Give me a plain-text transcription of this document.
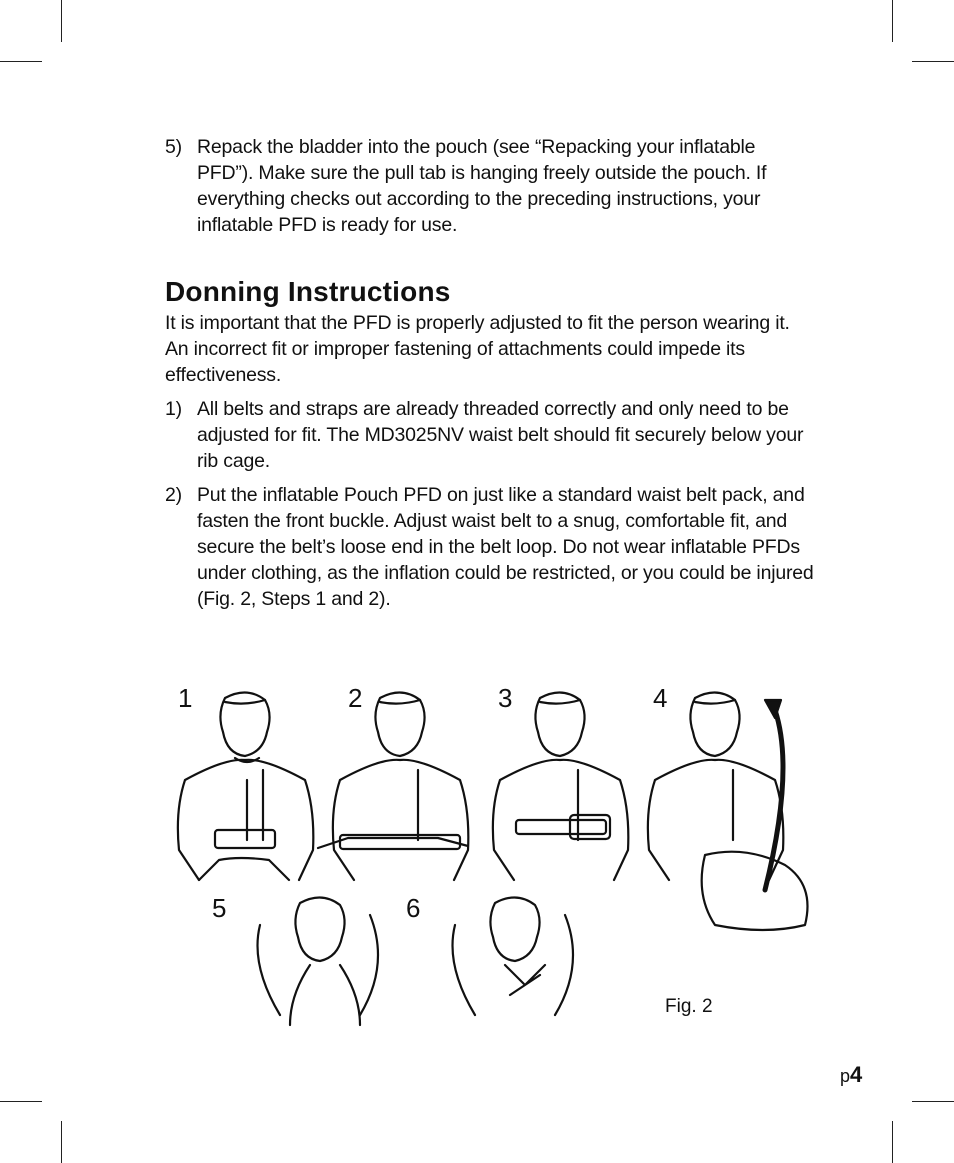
5) Repack the bladder into the pouch (see “Repacking your inflatable PFD”). Make sure the pull tab is hanging freely outside the pouch. If everything checks out according to the preceding instructions, your inflatable PFD is ready for use.
Donning Instructions
It is important that the PFD is properly adjusted to fit the person wearing it. An incorrect fit or improper fastening of attachments could impede its effectiveness.
1) All belts and straps are already threaded correctly and only need to be adjusted for fit. The MD3025NV waist belt should fit securely below your rib cage.
2) Put the inflatable Pouch PFD on just like a standard waist belt pack, and fasten the front buckle. Adjust waist belt to a snug, comfortable fit, and secure the belt’s loose end in the belt loop. Do not wear inflatable PFDs under clothing, as the inflation could be restricted, or you could be injured (Fig. 2, Steps 1 and 2).
1	2	3	4
5	6
Fig. 2
p4
